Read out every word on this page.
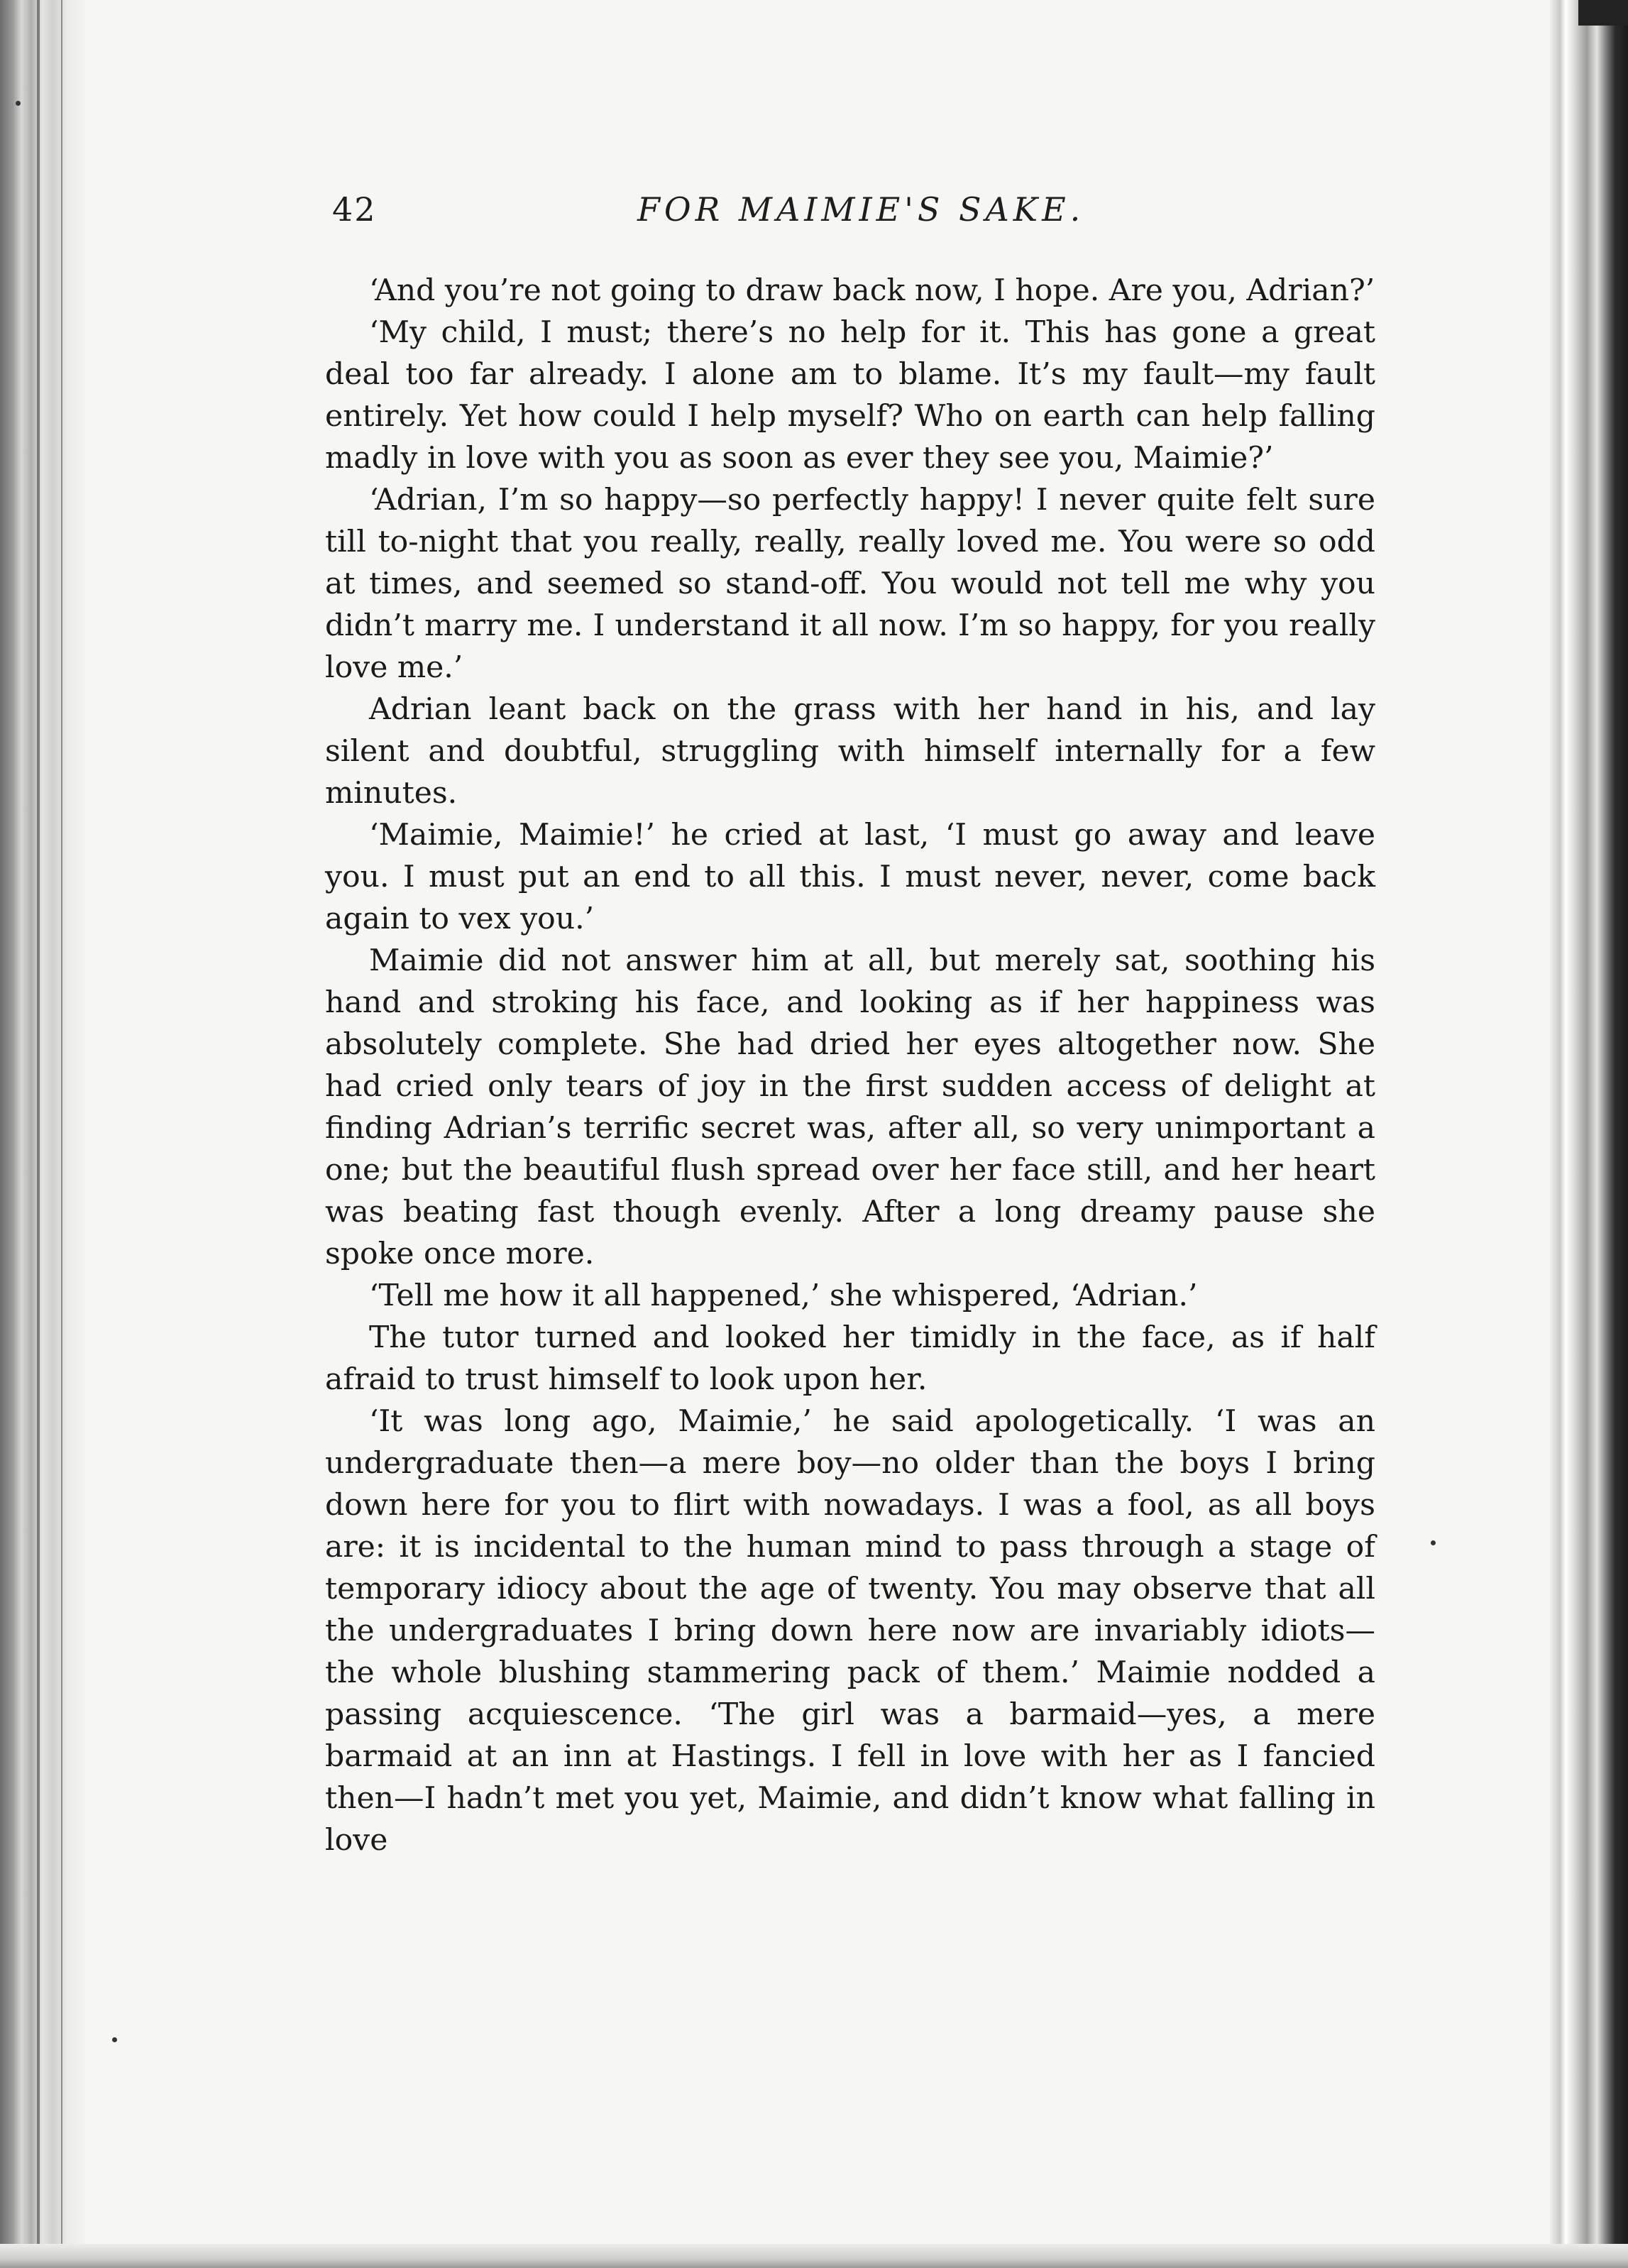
42	FOR MAIMIE'S SAKE.

‘And you’re not going to draw back now, I hope. Are you, Adrian?’

‘My child, I must; there’s no help for it. This has gone a great deal too far already. I alone am to blame. It’s my fault—my fault entirely. Yet how could I help myself? Who on earth can help falling madly in love with you as soon as ever they see you, Maimie?’

‘Adrian, I’m so happy—so perfectly happy! I never quite felt sure till to-night that you really, really, really loved me. You were so odd at times, and seemed so stand-off. You would not tell me why you didn’t marry me. I understand it all now. I’m so happy, for you really love me.’

Adrian leant back on the grass with her hand in his, and lay silent and doubtful, struggling with himself internally for a few minutes.

‘Maimie, Maimie!’ he cried at last, ‘I must go away and leave you. I must put an end to all this. I must never, never, come back again to vex you.’

Maimie did not answer him at all, but merely sat, soothing his hand and stroking his face, and looking as if her happiness was absolutely complete. She had dried her eyes altogether now. She had cried only tears of joy in the first sudden access of delight at finding Adrian’s terrific secret was, after all, so very unimportant a one; but the beautiful flush spread over her face still, and her heart was beating fast though evenly. After a long dreamy pause she spoke once more.

‘Tell me how it all happened,’ she whispered, ‘Adrian.’

The tutor turned and looked her timidly in the face, as if half afraid to trust himself to look upon her.

‘It was long ago, Maimie,’ he said apologetically. ‘I was an undergraduate then—a mere boy—no older than the boys I bring down here for you to flirt with nowadays. I was a fool, as all boys are: it is incidental to the human mind to pass through a stage of temporary idiocy about the age of twenty. You may observe that all the undergraduates I bring down here now are invariably idiots—the whole blushing stammering pack of them.’ Maimie nodded a passing acquiescence. ‘The girl was a barmaid—yes, a mere barmaid at an inn at Hastings. I fell in love with her as I fancied then—I hadn’t met you yet, Maimie, and didn’t know what falling in love
